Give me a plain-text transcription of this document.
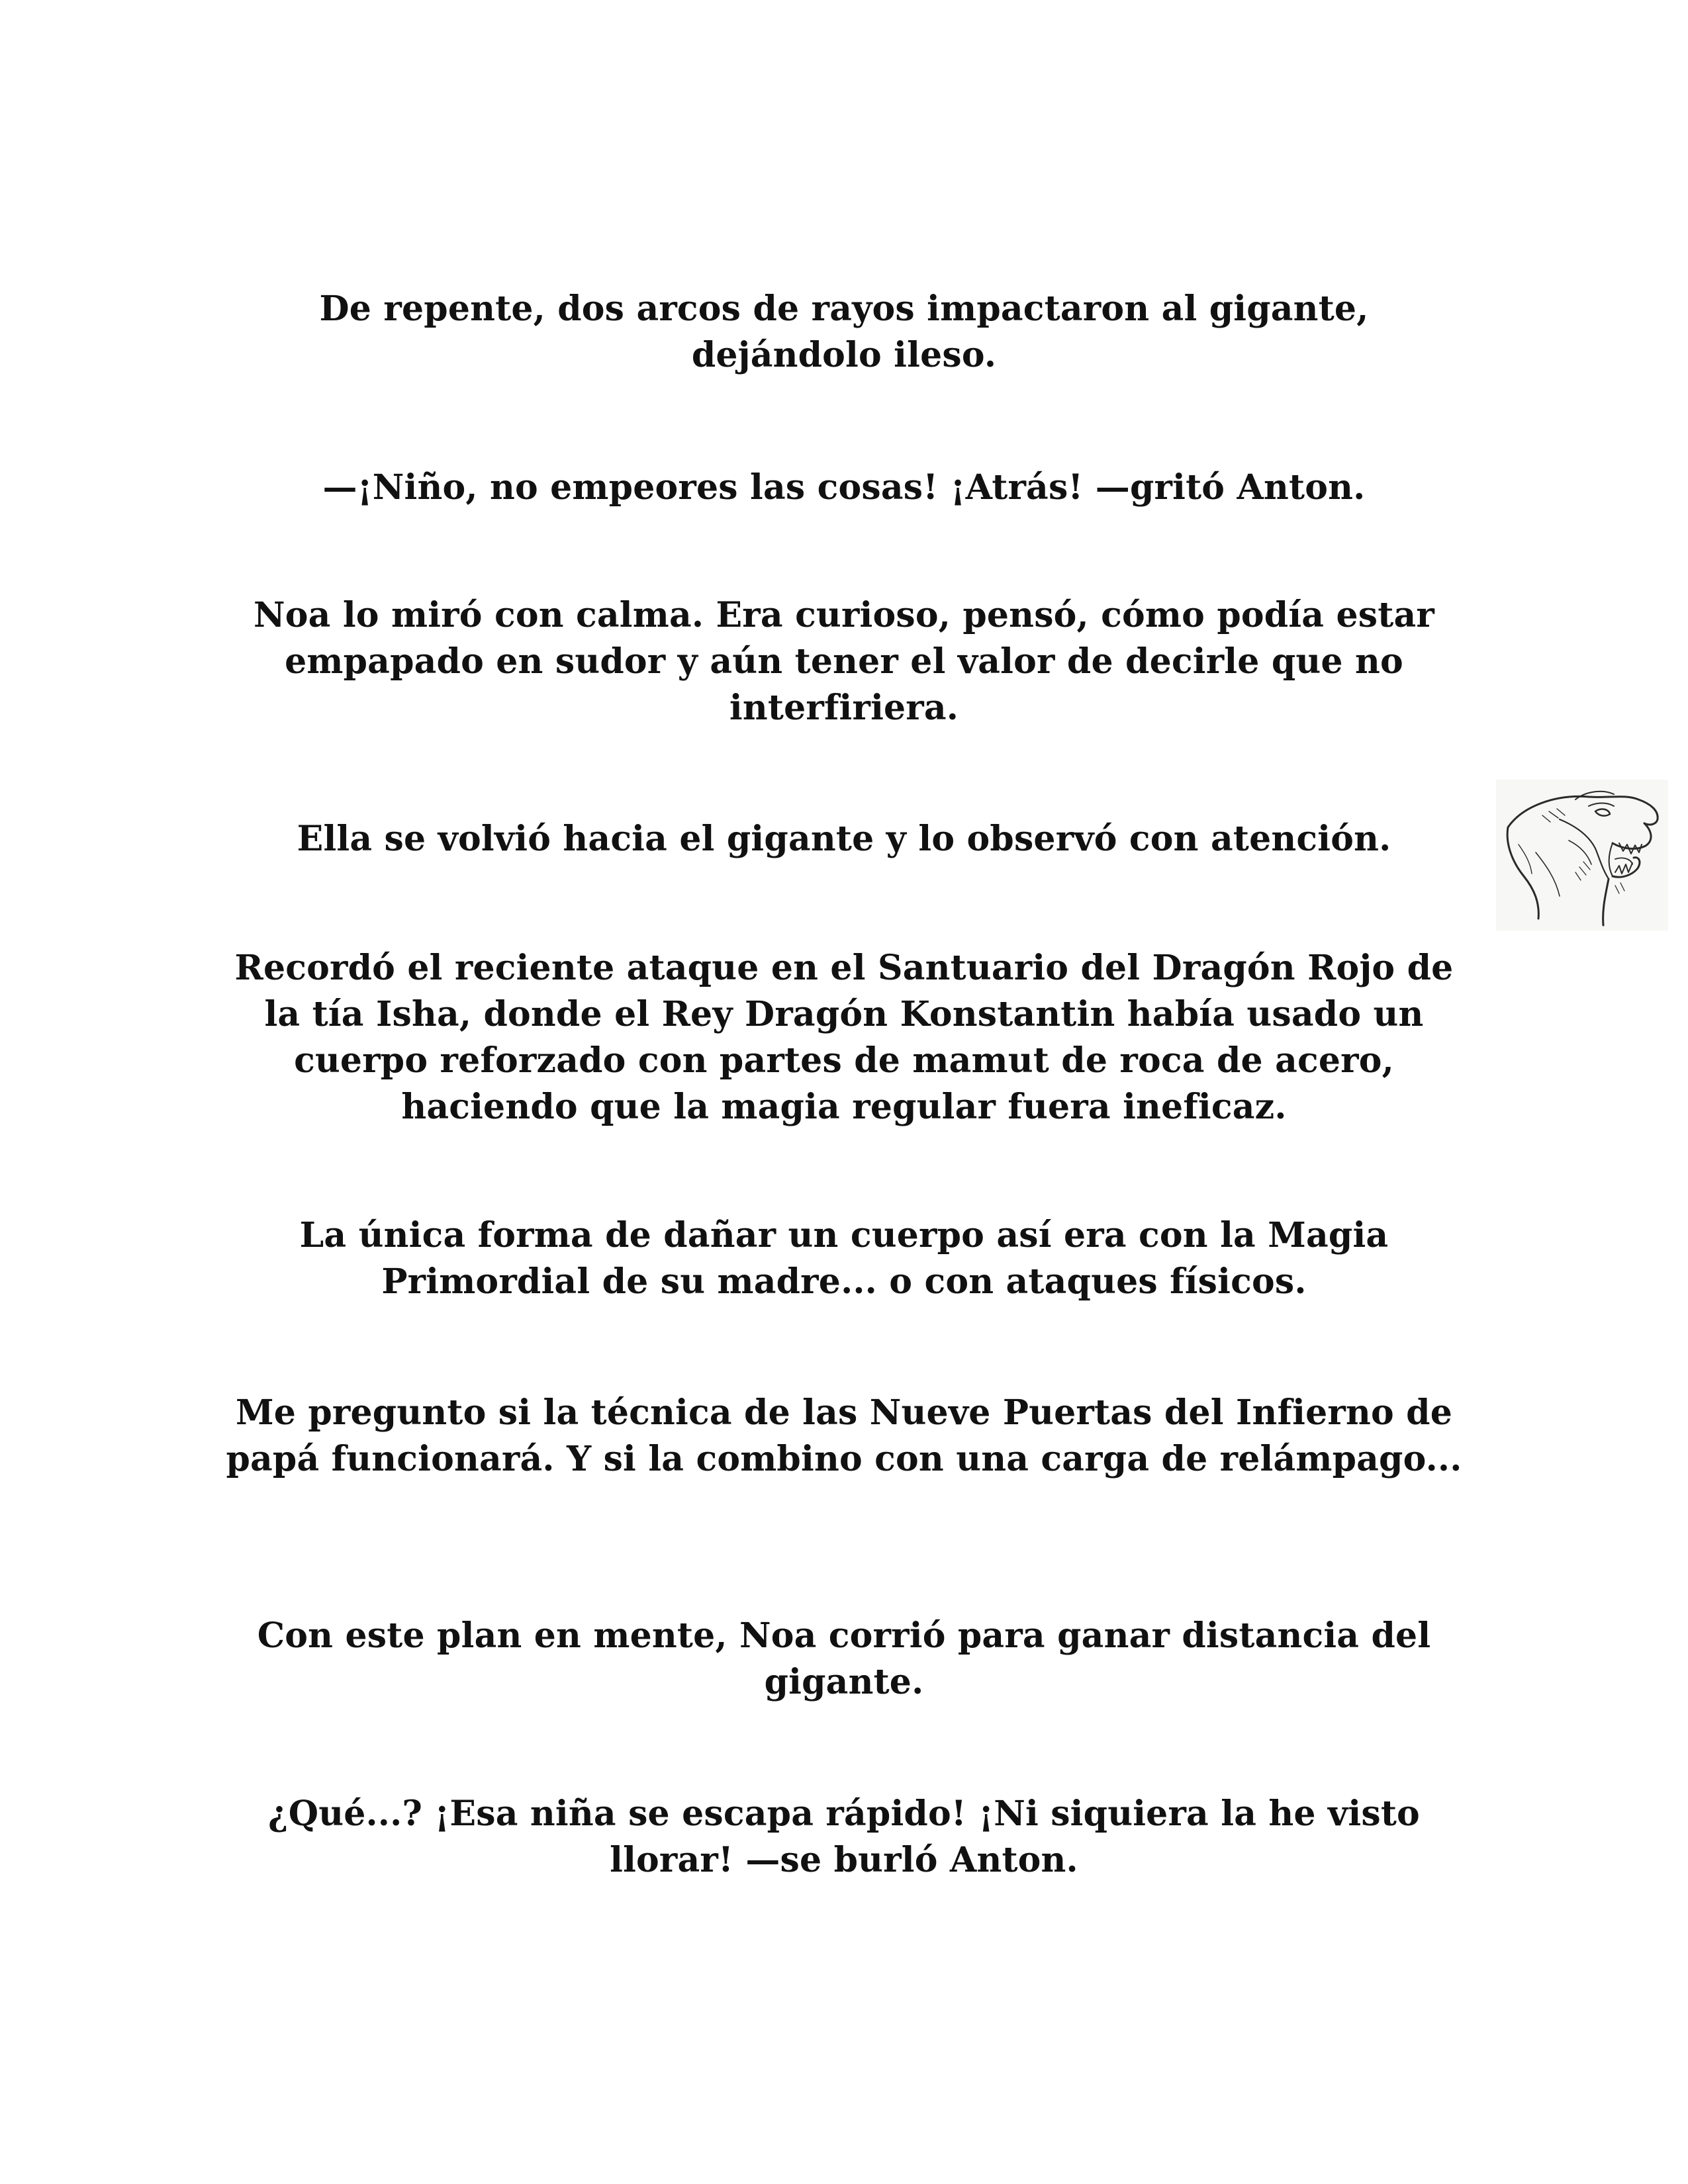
De repente, dos arcos de rayos impactaron al gigante, dejándolo ileso.

—¡Niño, no empeores las cosas! ¡Atrás! —gritó Anton.

Noa lo miró con calma. Era curioso, pensó, cómo podía estar empapado en sudor y aún tener el valor de decirle que no interfiriera.

Ella se volvió hacia el gigante y lo observó con atención.

Recordó el reciente ataque en el Santuario del Dragón Rojo de la tía Isha, donde el Rey Dragón Konstantin había usado un cuerpo reforzado con partes de mamut de roca de acero, haciendo que la magia regular fuera ineficaz.

La única forma de dañar un cuerpo así era con la Magia Primordial de su madre... o con ataques físicos.

Me pregunto si la técnica de las Nueve Puertas del Infierno de papá funcionará. Y si la combino con una carga de relámpago...

Con este plan en mente, Noa corrió para ganar distancia del gigante.

¿Qué...? ¡Esa niña se escapa rápido! ¡Ni siquiera la he visto llorar! —se burló Anton.
